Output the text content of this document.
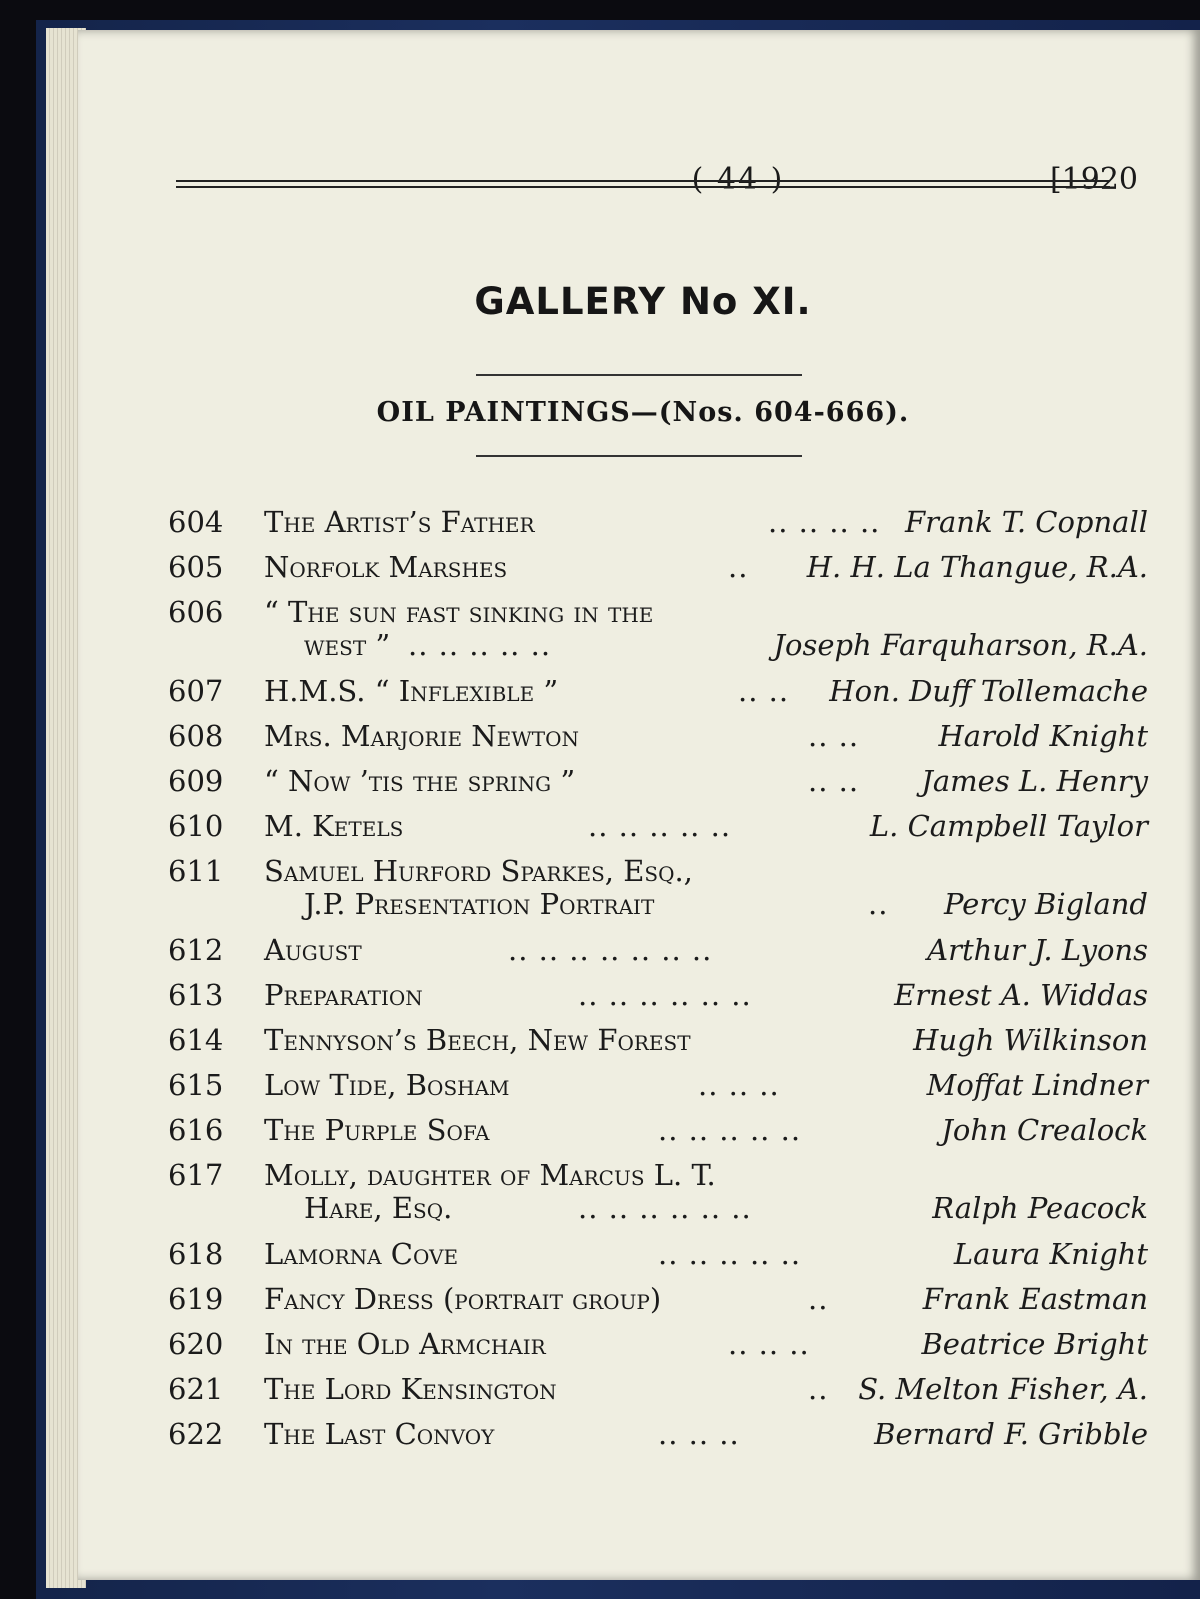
( 44 )	[1920
GALLERY No XI.
OIL PAINTINGS—(Nos. 604-666).
604	The Artist’s Father	.. .. .. .. Frank T. Copnall
605	Norfolk Marshes	.. H. H. La Thangue, R.A.
606	“ The sun fast sinking in the
west ” .. .. .. .. ..	Joseph Farquharson, R.A.
607	H.M.S. “ Inflexible ”	.. .. Hon. Duff Tollemache
608	Mrs. Marjorie Newton	.. ..	Harold Knight
609	“ Now ’tis the spring ”	.. .. James L. Henry
610	M. Ketels	.. .. .. .. ..	L. Campbell Taylor
611	Samuel Hurford Sparkes, Esq.,
J.P. Presentation Portrait	.. Percy Bigland
612	August	.. .. .. .. .. .. ..	Arthur J. Lyons
613	Preparation	.. .. .. .. .. ..	Ernest A. Widdas
614	Tennyson’s Beech, New Forest	Hugh Wilkinson
615	Low Tide, Bosham	.. .. ..	Moffat Lindner
616	The Purple Sofa	.. .. .. .. ..	John Crealock
617	Molly, daughter of Marcus L. T.
Hare, Esq.	.. .. .. .. .. ..	Ralph Peacock
618	Lamorna Cove	.. .. .. .. ..	Laura Knight
619	Fancy Dress (portrait group)	..	Frank Eastman
620	In the Old Armchair	.. .. ..	Beatrice Bright
621	The Lord Kensington	.. S. Melton Fisher, A.
622	The Last Convoy	.. .. ..	Bernard F. Gribble
